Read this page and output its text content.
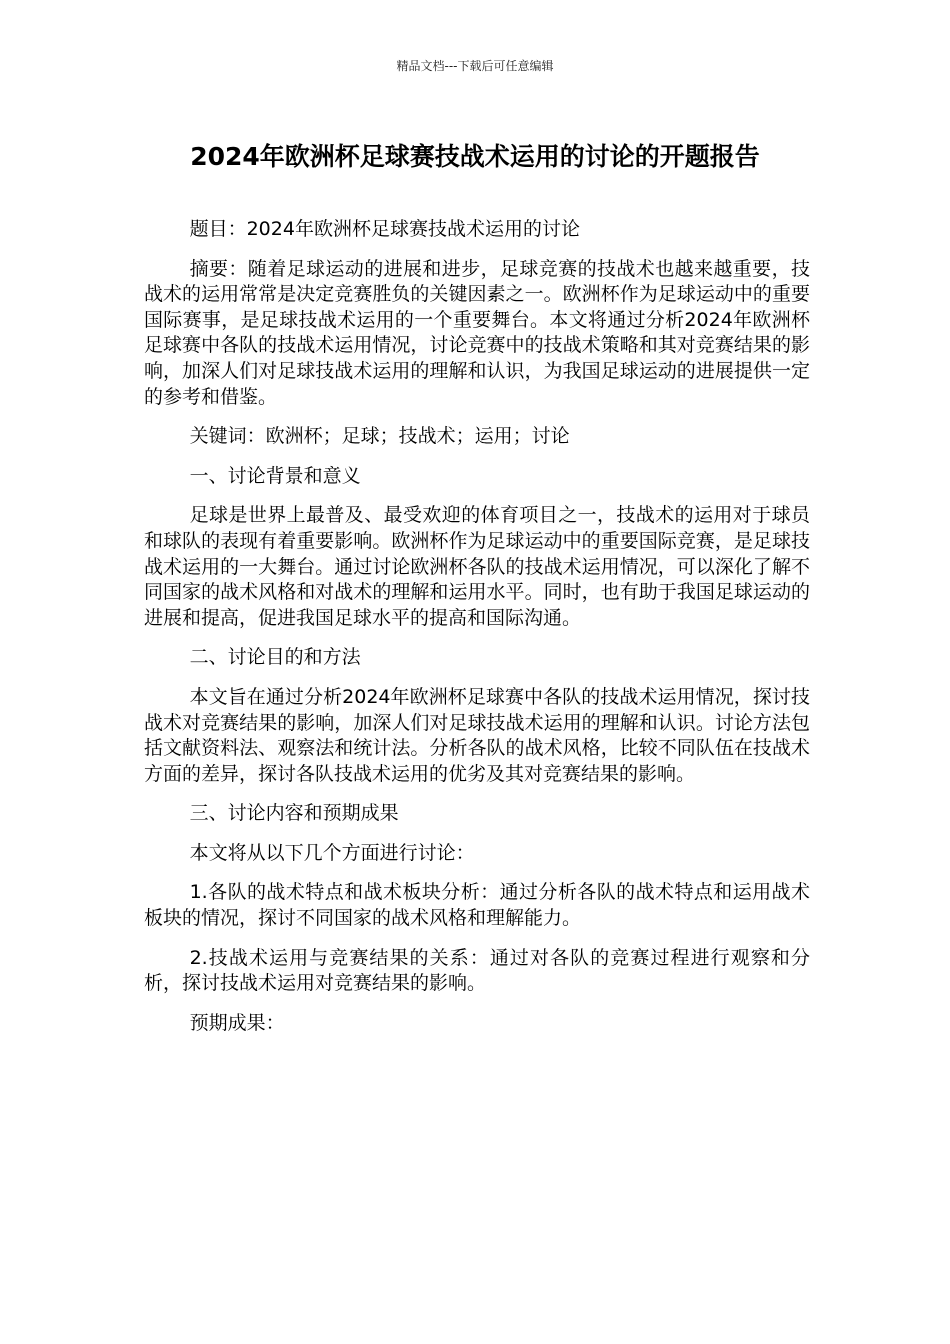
精品文档---下载后可任意编辑
2024年欧洲杯足球赛技战术运用的讨论的开题报告

题目：2024年欧洲杯足球赛技战术运用的讨论

摘要：随着足球运动的进展和进步，足球竞赛的技战术也越来越重要，技战术的运用常常是决定竞赛胜负的关键因素之一。欧洲杯作为足球运动中的重要国际赛事，是足球技战术运用的一个重要舞台。本文将通过分析2024年欧洲杯足球赛中各队的技战术运用情况，讨论竞赛中的技战术策略和其对竞赛结果的影响，加深人们对足球技战术运用的理解和认识，为我国足球运动的进展提供一定的参考和借鉴。

关键词：欧洲杯；足球；技战术；运用；讨论

一、讨论背景和意义

足球是世界上最普及、最受欢迎的体育项目之一，技战术的运用对于球员和球队的表现有着重要影响。欧洲杯作为足球运动中的重要国际竞赛，是足球技战术运用的一大舞台。通过讨论欧洲杯各队的技战术运用情况，可以深化了解不同国家的战术风格和对战术的理解和运用水平。同时，也有助于我国足球运动的进展和提高，促进我国足球水平的提高和国际沟通。

二、讨论目的和方法

本文旨在通过分析2024年欧洲杯足球赛中各队的技战术运用情况，探讨技战术对竞赛结果的影响，加深人们对足球技战术运用的理解和认识。讨论方法包括文献资料法、观察法和统计法。分析各队的战术风格，比较不同队伍在技战术方面的差异，探讨各队技战术运用的优劣及其对竞赛结果的影响。

三、讨论内容和预期成果

本文将从以下几个方面进行讨论：

1.各队的战术特点和战术板块分析：通过分析各队的战术特点和运用战术板块的情况，探讨不同国家的战术风格和理解能力。

2.技战术运用与竞赛结果的关系：通过对各队的竞赛过程进行观察和分析，探讨技战术运用对竞赛结果的影响。

预期成果：
